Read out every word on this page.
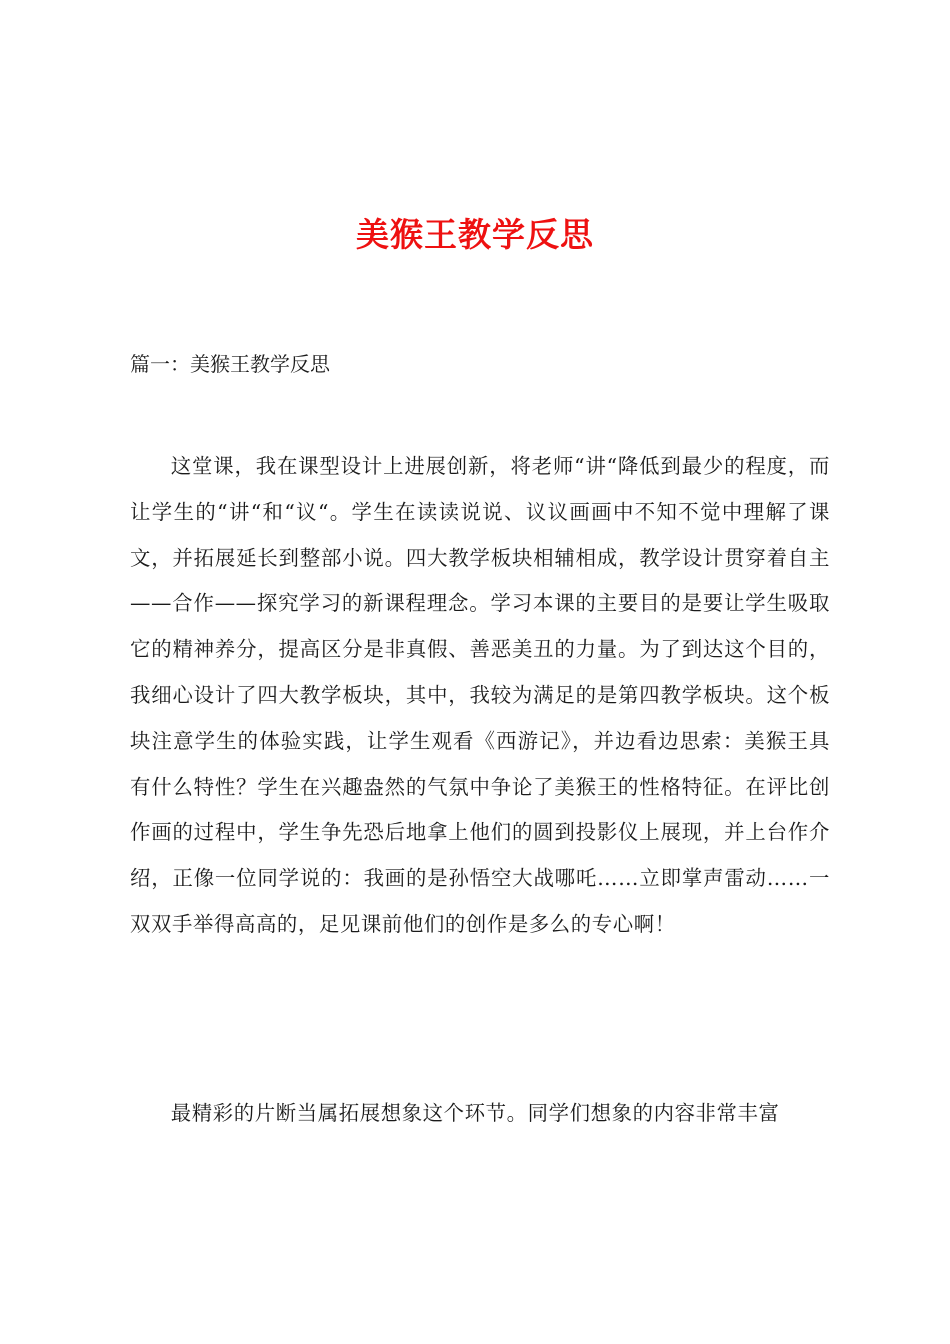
美猴王教学反思
篇一：美猴王教学反思

这堂课，我在课型设计上进展创新，将老师“讲“降低到最少的程度，而让学生的“讲“和“议“。学生在读读说说、议议画画中不知不觉中理解了课文，并拓展延长到整部小说。四大教学板块相辅相成，教学设计贯穿着自主——合作——探究学习的新课程理念。学习本课的主要目的是要让学生吸取它的精神养分，提高区分是非真假、善恶美丑的力量。为了到达这个目的，我细心设计了四大教学板块，其中，我较为满足的是第四教学板块。这个板块注意学生的体验实践，让学生观看《西游记》，并边看边思索：美猴王具有什么特性？学生在兴趣盎然的气氛中争论了美猴王的性格特征。在评比创作画的过程中，学生争先恐后地拿上他们的圆到投影仪上展现，并上台作介绍，正像一位同学说的：我画的是孙悟空大战哪吒……立即掌声雷动……一双双手举得高高的，足见课前他们的创作是多么的专心啊！

最精彩的片断当属拓展想象这个环节。同学们想象的内容非常丰富
